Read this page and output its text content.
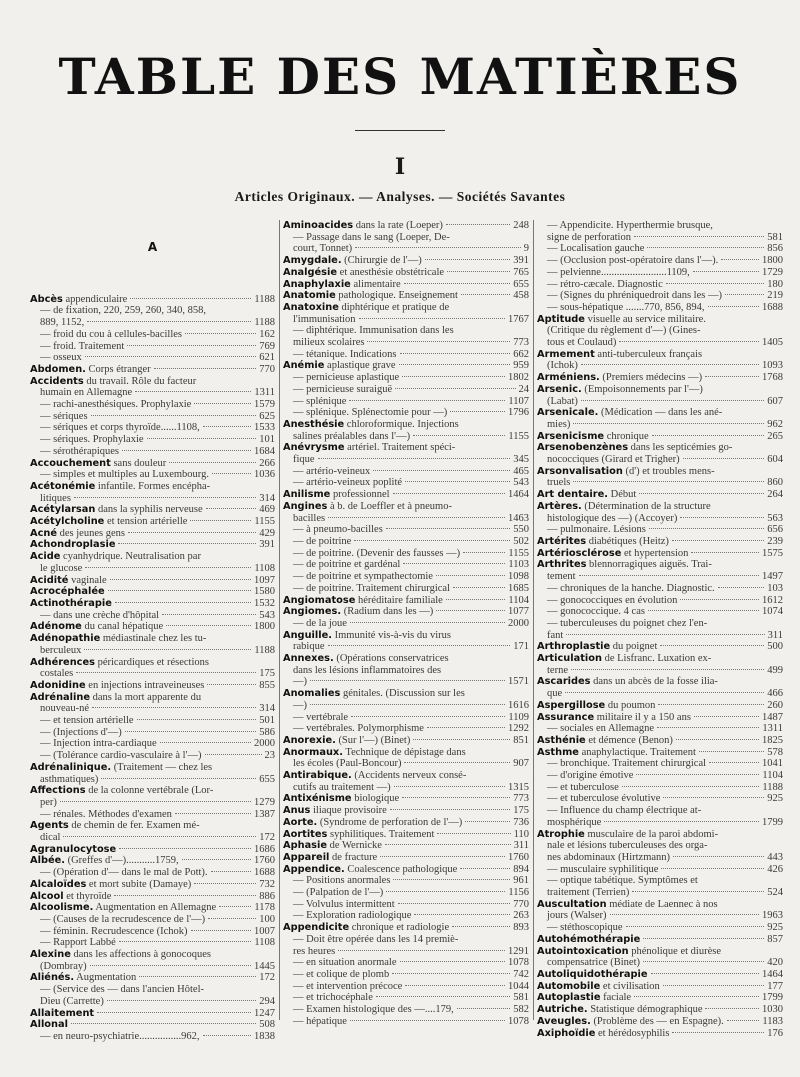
TABLE DES MATIÈRES
I
Articles Originaux. — Analyses. — Sociétés Savantes
A
Abcès appendiculaire	1188
— de fixation, 220, 259, 260, 340, 858,
889, 1152,	1188
— froid du cou à cellules-bacilles	162
— froid. Traitement	769
— osseux	621
Abdomen. Corps étranger	770
Accidents du travail. Rôle du facteur
humain en Allemagne	1311
— rachi-anesthésiques. Prophylaxie	1579
— sériques	625
— sériques et corps thyroïde......1108,	1533
— sériques. Prophylaxie	101
— sérothérapiques	1684
Accouchement sans douleur	266
— simples et multiples au Luxembourg.	1036
Acétonémie infantile. Formes encépha-
litiques	314
Acétylarsan dans la syphilis nerveuse	469
Acétylcholine et tension artérielle	1155
Acné des jeunes gens	429
Achondroplasie	391
Acide cyanhydrique. Neutralisation par
le glucose	1108
Acidité vaginale	1097
Acrocéphalée	1580
Actinothérapie	1532
— dans une crèche d'hôpital	543
Adénome du canal hépatique	1800
Adénopathie médiastinale chez les tu-
berculeux	1188
Adhérences péricardiques et résections
costales	175
Adonidine en injections intraveineuses	855
Adrénaline dans la mort apparente du
nouveau-né	314
— et tension artérielle	501
— (Injections d'—)	586
— Injection intra-cardiaque	2000
— (Tolérance cardio-vasculaire à l'—)	23
Adrénalinique. (Traitement — chez les
asthmatiques)	655
Affections de la colonne vertébrale (Lor-
per)	1279
— rénales. Méthodes d'examen	1387
Agents de chemin de fer. Examen mé-
dical	172
Agranulocytose	1686
Albée. (Greffes d'—)...........1759,	1760
— (Opération d'— dans le mal de Pott).	1688
Alcaloïdes et mort subite (Damaye)	732
Alcool et thyroïde	886
Alcoolisme. Augmentation en Allemagne	1178
— (Causes de la recrudescence de l'—)	100
— féminin. Recrudescence (Ichok)	1007
— Rapport Labbé	1108
Alexine dans les affections à gonocoques
(Dombray)	1445
Aliénés. Augmentation	172
— (Service des — dans l'ancien Hôtel-
Dieu (Carrette)	294
Allaitement	1247
Allonal	508
— en neuro-psychiatrie................962,	1838
Aminoacides dans la rate (Loeper)	248
— Passage dans le sang (Loeper, De-
court, Tonnet)	9
Amygdale. (Chirurgie de l'—)	391
Analgésie et anesthésie obstétricale	765
Anaphylaxie alimentaire	655
Anatomie pathologique. Enseignement	458
Anatoxine diphtérique et pratique de
l'immunisation	1767
— diphtérique. Immunisation dans les
milieux scolaires	773
— tétanique. Indications	662
Anémie aplastique grave	959
— pernicieuse aplastique	1802
— pernicieuse suraiguë	24
— splénique	1107
— splénique. Splénectomie pour —)	1796
Anesthésie chloroformique. Injections
salines préalables dans l'—)	1155
Anévrysme artériel. Traitement spéci-
fique	345
— artério-veineux	465
— artério-veineux poplité	543
Anilisme professionnel	1464
Angines à b. de Loeffler et à pneumo-
bacilles	1463
— à pneumo-bacilles	550
— de poitrine	502
— de poitrine. (Devenir des fausses —)	1155
— de poitrine et gardénal	1103
— de poitrine et sympathectomie	1098
— de poitrine. Traitement chirurgical	1685
Angiomatose héréditaire familiale	1104
Angiomes. (Radium dans les —)	1077
— de la joue	2000
Anguille. Immunité vis-à-vis du virus
rabique	171
Annexes. (Opérations conservatrices
dans les lésions inflammatoires des
—)	1571
Anomalies génitales. (Discussion sur les
—)	1616
— vertébrale	1109
— vertébrales. Polymorphisme	1292
Anorexie. (Sur l'—) (Binet)	851
Anormaux. Technique de dépistage dans
les écoles (Paul-Boncour)	907
Antirabique. (Accidents nerveux consé-
cutifs au traitement —)	1315
Antixénisme biologique	773
Anus iliaque provisoire	175
Aorte. (Syndrome de perforation de l'—)	736
Aortites syphilitiques. Traitement	110
Aphasie de Wernicke	311
Appareil de fracture	1760
Appendice. Coalescence pathologique	894
— Positions anormales	961
— (Palpation de l'—)	1156
— Volvulus intermittent	770
— Exploration radiologique	263
Appendicite chronique et radiologie	893
— Doit être opérée dans les 14 premiè-
res heures	1291
— en situation anormale	1078
— et colique de plomb	742
— et intervention précoce	1044
— et trichocéphale	581
— Examen histologique des —....179,	582
— hépatique	1078
— Appendicite. Hyperthermie brusque,
signe de perforation	581
— Localisation gauche	856
— (Occlusion post-opératoire dans l'—).	1800
— pelvienne.........................1109,	1729
— rétro-cæcale. Diagnostic	180
— (Signes du phréniquedroit dans les —)	219
— sous-hépatique .......770, 856, 894,	1688
Aptitude visuelle au service militaire.
(Critique du règlement d'—) (Gines-
tous et Coulaud)	1405
Armement anti-tuberculeux français
(Ichok)	1093
Arméniens. (Premiers médecins —)	1768
Arsenic. (Empoisonnements par l'—)
(Labat)	607
Arsenicale. (Médication — dans les ané-
mies)	962
Arsenicisme chronique	265
Arsenobenzènes dans les septicémies go-
nococciques (Girard et Trigher)	604
Arsonvalisation (d') et troubles mens-
truels	860
Art dentaire. Début	264
Artères. (Détermination de la structure
histologique des —) (Accoyer)	563
— pulmonaire. Lésions	656
Artérites diabétiques (Heitz)	239
Artériosclérose et hypertension	1575
Arthrites blennorragiques aiguës. Trai-
tement	1497
— chroniques de la hanche. Diagnostic.	103
— gonococciques en évolution	1612
— gonococcique. 4 cas	1074
— tuberculeuses du poignet chez l'en-
fant	311
Arthroplastie du poignet	500
Articulation de Lisfranc. Luxation ex-
terne	499
Ascarides dans un abcès de la fosse ilia-
que	466
Aspergillose du poumon	260
Assurance militaire il y a 150 ans	1487
— sociales en Allemagne	1311
Asthénie et démence (Benon)	1825
Asthme anaphylactique. Traitement	578
— bronchique. Traitement chirurgical	1041
— d'origine émotive	1104
— et tuberculose	1188
— et tuberculose évolutive	925
— Influence du champ électrique at-
mosphérique	1799
Atrophie musculaire de la paroi abdomi-
nale et lésions tuberculeuses des orga-
nes abdominaux (Hirtzmann)	443
— musculaire syphilitique	426
— optique tabétique. Symptômes et
traitement (Terrien)	524
Auscultation médiate de Laennec à nos
jours (Walser)	1963
— stéthoscopique	925
Autohémothérapie	857
Autointoxication phénolique et diurèse
compensatrice (Binet)	420
Autoliquidothérapie	1464
Automobile et civilisation	177
Autoplastie faciale	1799
Autriche. Statistique démographique	1030
Aveugles. (Problème des — en Espagne).	1183
Axiphoïdie et hérédosyphilis	176
